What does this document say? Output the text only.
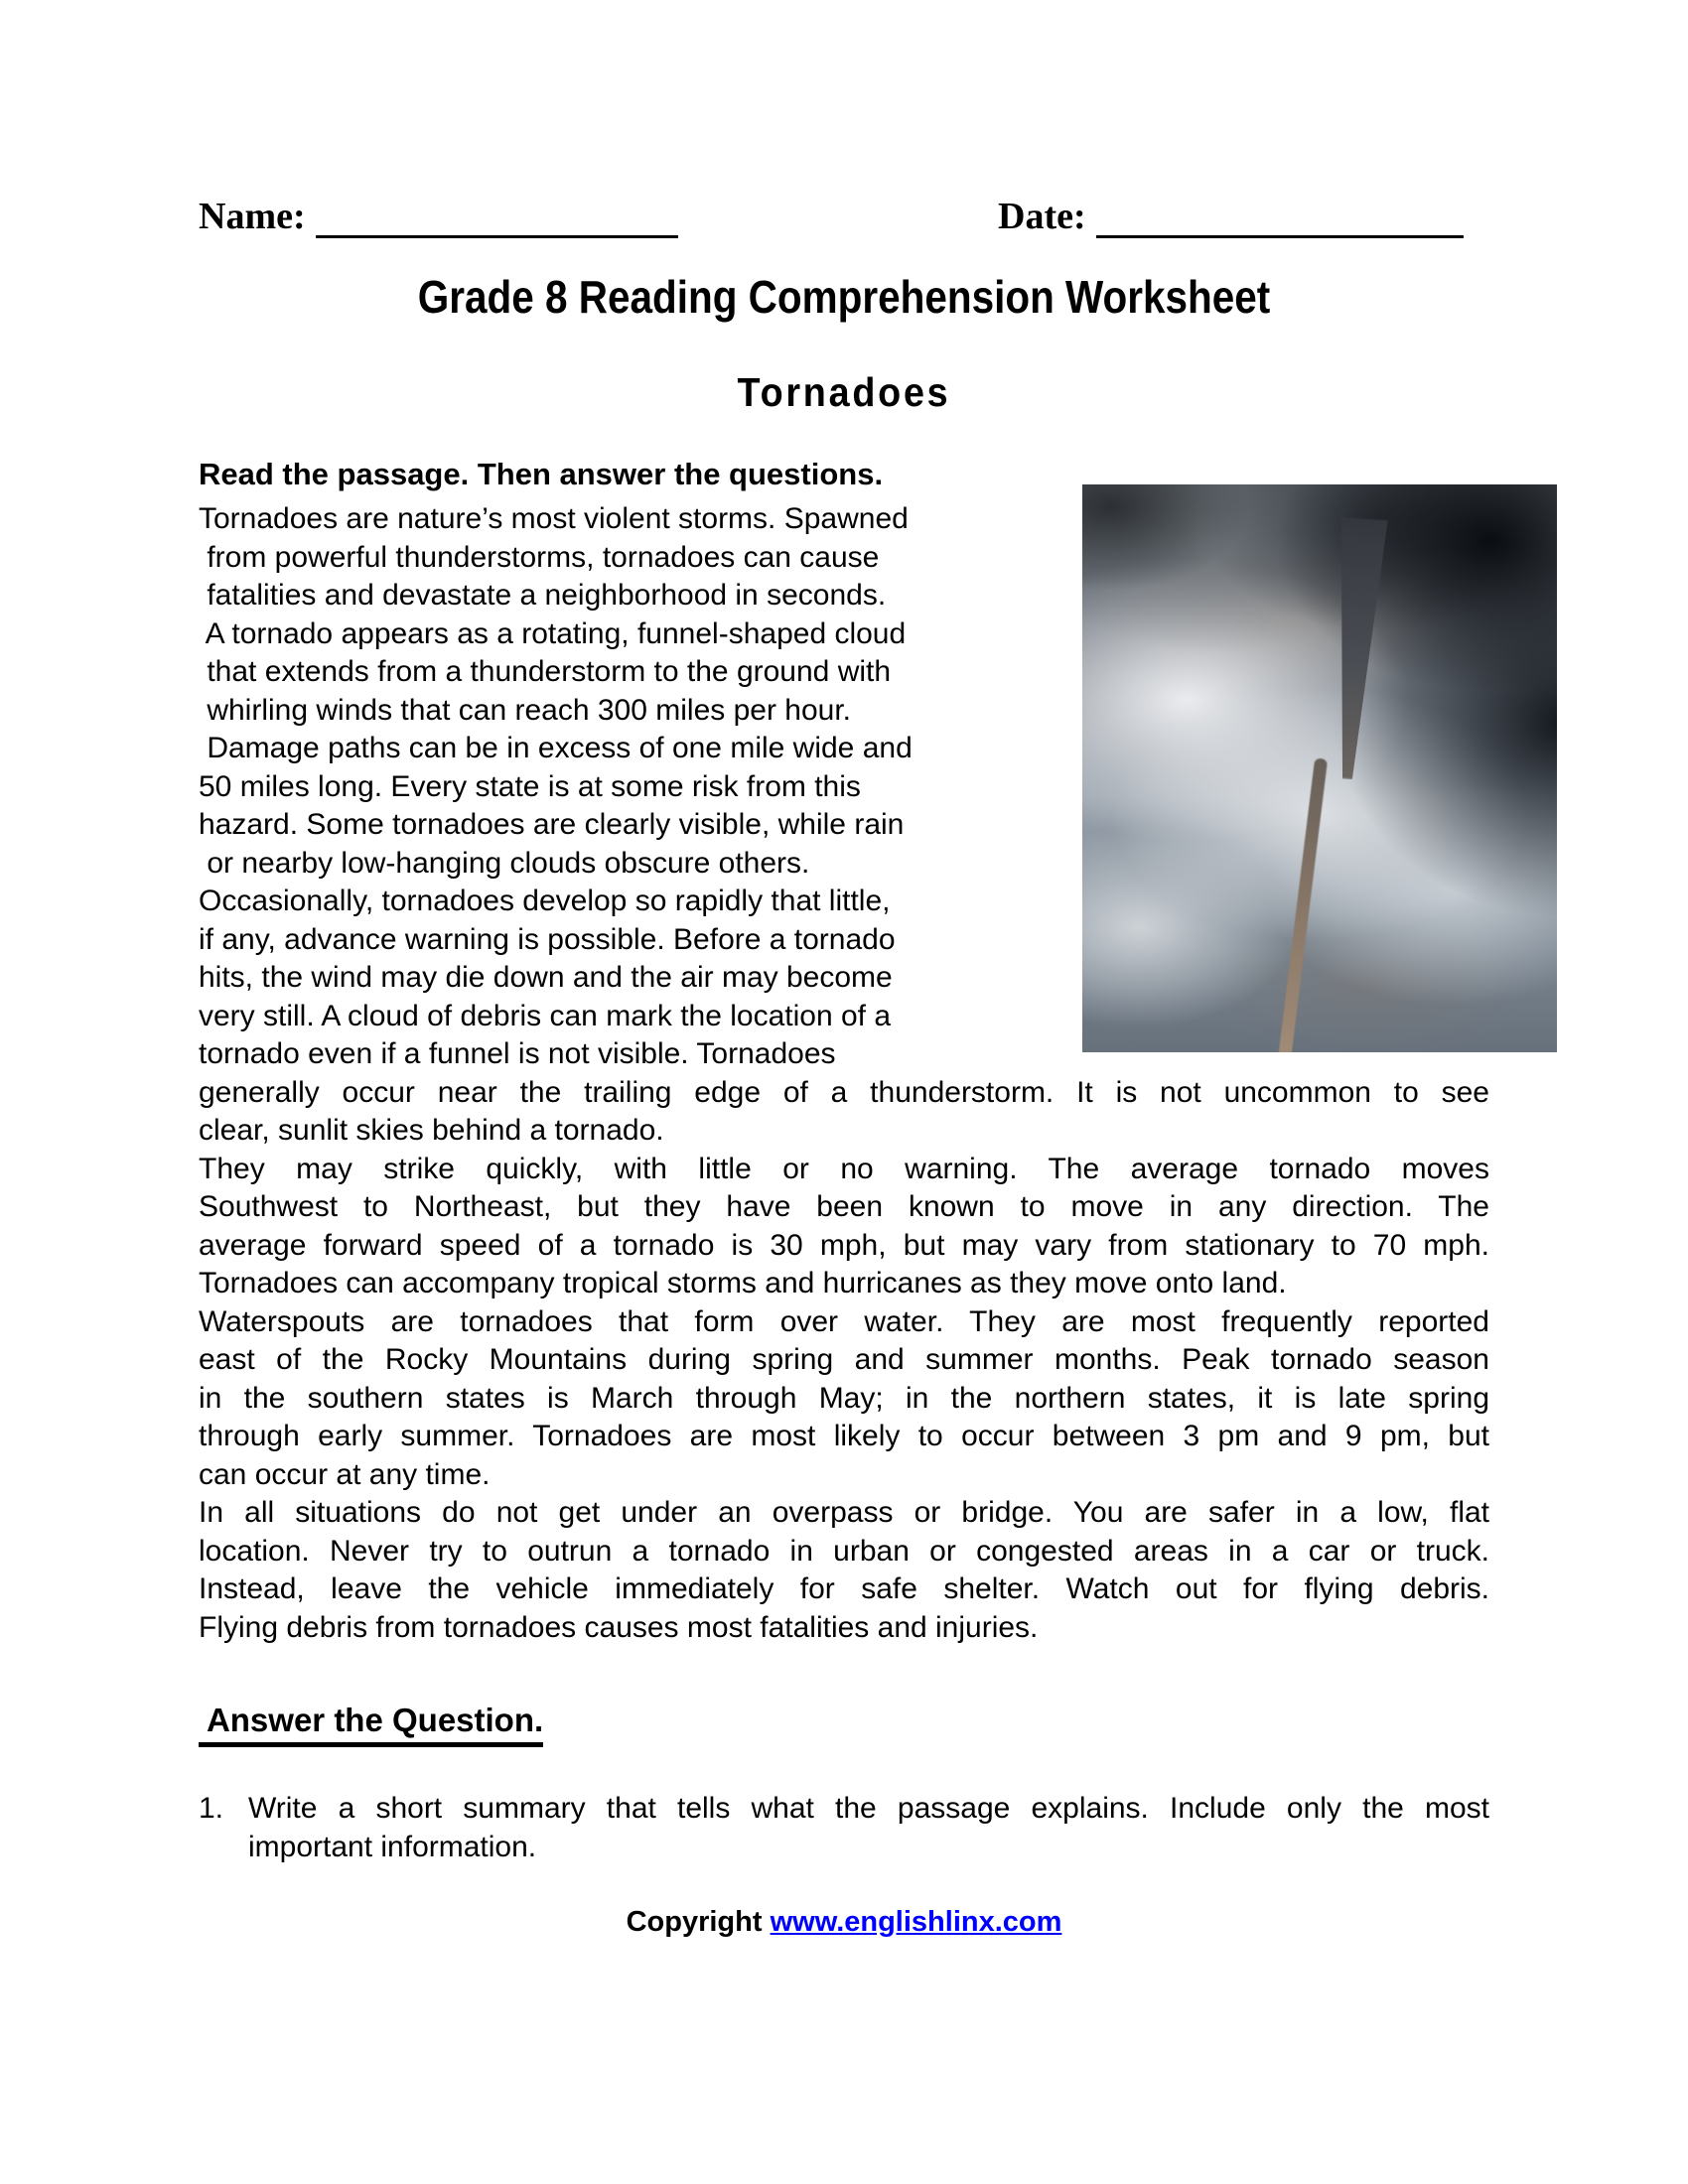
Name:	Date:
Grade 8 Reading Comprehension Worksheet
Tornadoes
Read the passage. Then answer the questions.
Tornadoes are nature’s most violent storms. Spawned
from powerful thunderstorms, tornadoes can cause
fatalities and devastate a neighborhood in seconds.
A tornado appears as a rotating, funnel-shaped cloud
that extends from a thunderstorm to the ground with
whirling winds that can reach 300 miles per hour.
Damage paths can be in excess of one mile wide and
50 miles long. Every state is at some risk from this
hazard. Some tornadoes are clearly visible, while rain
or nearby low-hanging clouds obscure others.
Occasionally, tornadoes develop so rapidly that little,
if any, advance warning is possible. Before a tornado
hits, the wind may die down and the air may become
very still. A cloud of debris can mark the location of a
tornado even if a funnel is not visible. Tornadoes
generally occur near the trailing edge of a thunderstorm. It is not uncommon to see
clear, sunlit skies behind a tornado.
They may strike quickly, with little or no warning. The average tornado moves
Southwest to Northeast, but they have been known to move in any direction. The
average forward speed of a tornado is 30 mph, but may vary from stationary to 70 mph.
Tornadoes can accompany tropical storms and hurricanes as they move onto land.
Waterspouts are tornadoes that form over water. They are most frequently reported
east of the Rocky Mountains during spring and summer months. Peak tornado season
in the southern states is March through May; in the northern states, it is late spring
through early summer. Tornadoes are most likely to occur between 3 pm and 9 pm, but
can occur at any time.
In all situations do not get under an overpass or bridge. You are safer in a low, flat
location. Never try to outrun a tornado in urban or congested areas in a car or truck.
Instead, leave the vehicle immediately for safe shelter. Watch out for flying debris.
Flying debris from tornadoes causes most fatalities and injuries.
Answer the Question.
1. Write a short summary that tells what the passage explains. Include only the most
important information.
Copyright www.englishlinx.com
